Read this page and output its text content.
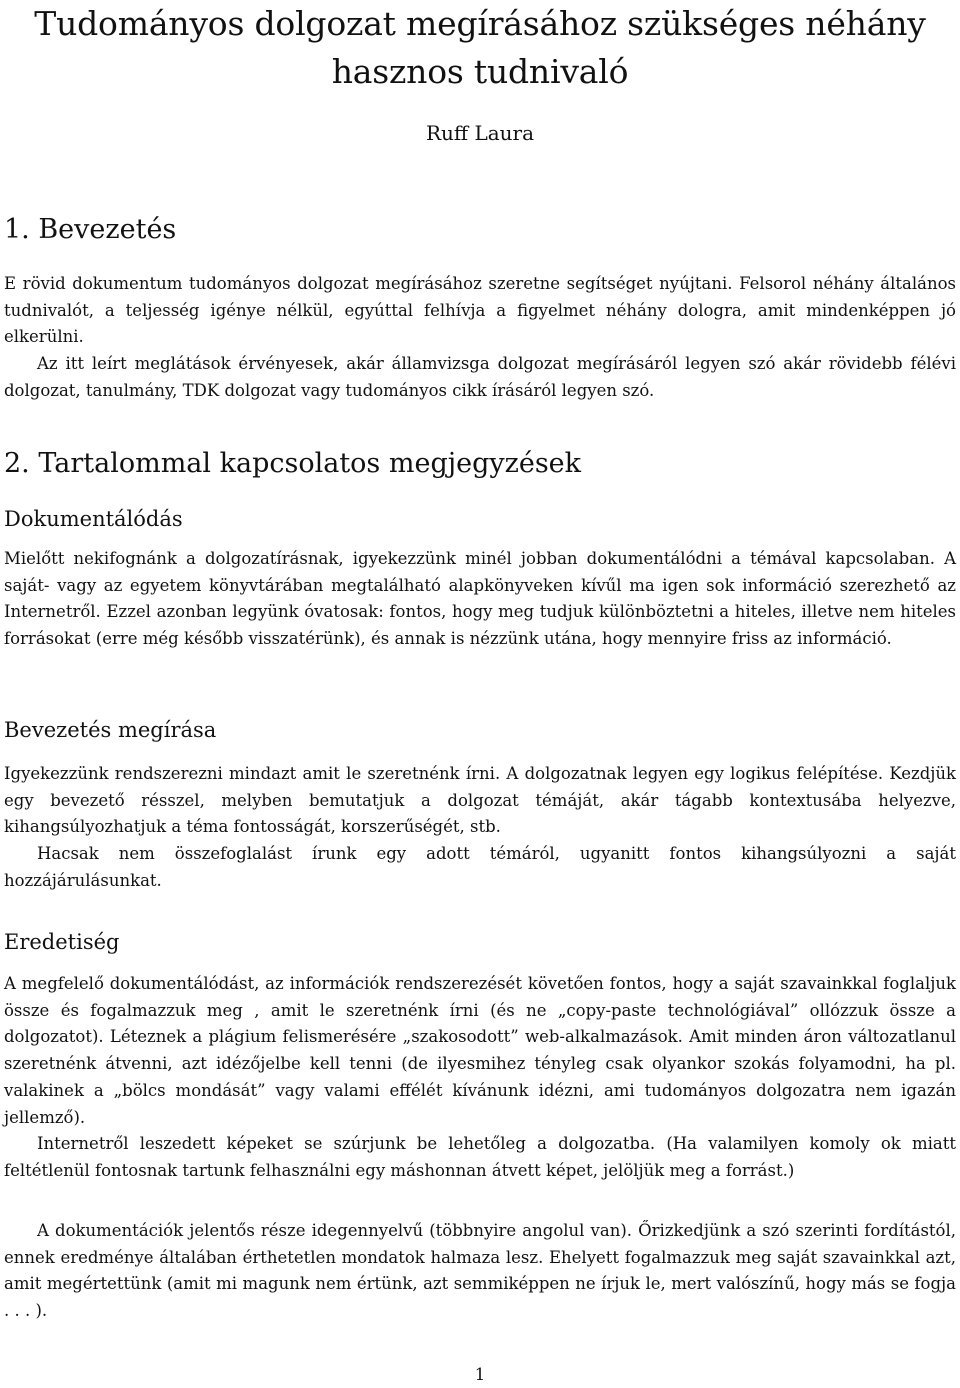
Tudományos dolgozat megírásához szükséges néhány
hasznos tudnivaló

Ruff Laura

1. Bevezetés

E rövid dokumentum tudományos dolgozat megírásához szeretne segítséget nyújtani. Felsorol néhány általános tudnivalót, a teljesség igénye nélkül, egyúttal felhívja a figyelmet néhány dologra, amit mindenképpen jó elkerülni.

Az itt leírt meglátások érvényesek, akár államvizsga dolgozat megírásáról legyen szó akár rövidebb félévi dolgozat, tanulmány, TDK dolgozat vagy tudományos cikk írásáról legyen szó.

2. Tartalommal kapcsolatos megjegyzések
Dokumentálódás

Mielőtt nekifognánk a dolgozatírásnak, igyekezzünk minél jobban dokumentálódni a témával kapcsolaban. A saját- vagy az egyetem könyvtárában megtalálható alapkönyveken kívűl ma igen sok információ szerezhető az Internetről. Ezzel azonban legyünk óvatosak: fontos, hogy meg tudjuk különböztetni a hiteles, illetve nem hiteles forrásokat (erre még később visszatérünk), és annak is nézzünk utána, hogy mennyire friss az információ.

Bevezetés megírása

Igyekezzünk rendszerezni mindazt amit le szeretnénk írni. A dolgozatnak legyen egy logikus felépítése. Kezdjük egy bevezető résszel, melyben bemutatjuk a dolgozat témáját, akár tágabb kontextusába helyezve, kihangsúlyozhatjuk a téma fontosságát, korszerűségét, stb.

Hacsak nem összefoglalást írunk egy adott témáról, ugyanitt fontos kihangsúlyozni a saját hozzájárulásunkat.

Eredetiség

A megfelelő dokumentálódást, az információk rendszerezését követően fontos, hogy a saját szavainkkal foglaljuk össze és fogalmazzuk meg , amit le szeretnénk írni (és ne „copy-paste technológiával” ollózzuk össze a dolgozatot). Léteznek a plágium felismerésére „szakosodott” web-alkalmazások. Amit minden áron változatlanul szeretnénk átvenni, azt idézőjelbe kell tenni (de ilyesmihez tényleg csak olyankor szokás folyamodni, ha pl. valakinek a „bölcs mondását” vagy valami effélét kívánunk idézni, ami tudományos dolgozatra nem igazán jellemző).

Internetről leszedett képeket se szúrjunk be lehetőleg a dolgozatba. (Ha valamilyen komoly ok miatt feltétlenül fontosnak tartunk felhasználni egy máshonnan átvett képet, jelöljük meg a forrást.)

A dokumentációk jelentős része idegennyelvű (többnyire angolul van). Őrizkedjünk a szó szerinti fordítástól, ennek eredménye általában érthetetlen mondatok halmaza lesz. Ehelyett fogalmazzuk meg saját szavainkkal azt, amit megértettünk (amit mi magunk nem értünk, azt semmiképpen ne írjuk le, mert valószínű, hogy más se fogja . . . ).

1
